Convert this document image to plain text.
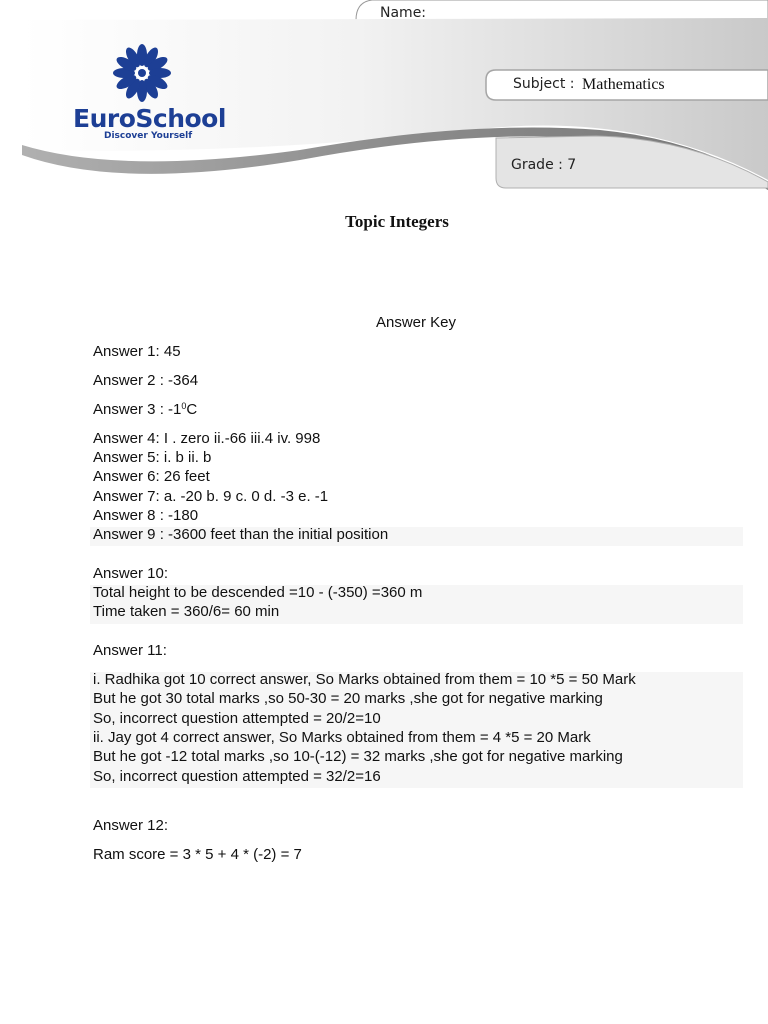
EuroSchool
Discover Yourself
Name:
Subject : Mathematics
Grade : 7
Topic Integers
Answer Key
Answer 1: 45
Answer 2 : -364
Answer 3 : $-1^0C$
Answer 4: I . zero ii.-66 iii.4 iv. 998
Answer 5: i. b ii. b
Answer 6: 26 feet
Answer 7: a. -20 b. 9 c. 0 d. -3 e. -1
Answer 8 : -180
Answer 9 : -3600 feet than the initial position
Answer 10:
Total height to be descended =10 - (-350) =360 m
Time taken = 360/6= 60 min
Answer 11:
i. Radhika got 10 correct answer, So Marks obtained from them = 10 *5 = 50 Mark
But he got 30 total marks ,so 50-30 = 20 marks ,she got for negative marking
So, incorrect question attempted = 20/2=10
ii. Jay got 4 correct answer, So Marks obtained from them = 4 *5 = 20 Mark
But he got -12 total marks ,so 10-(-12) = 32 marks ,she got for negative marking
So, incorrect question attempted = 32/2=16
Answer 12:
Ram score = 3 * 5 + 4 * (-2) = 7
